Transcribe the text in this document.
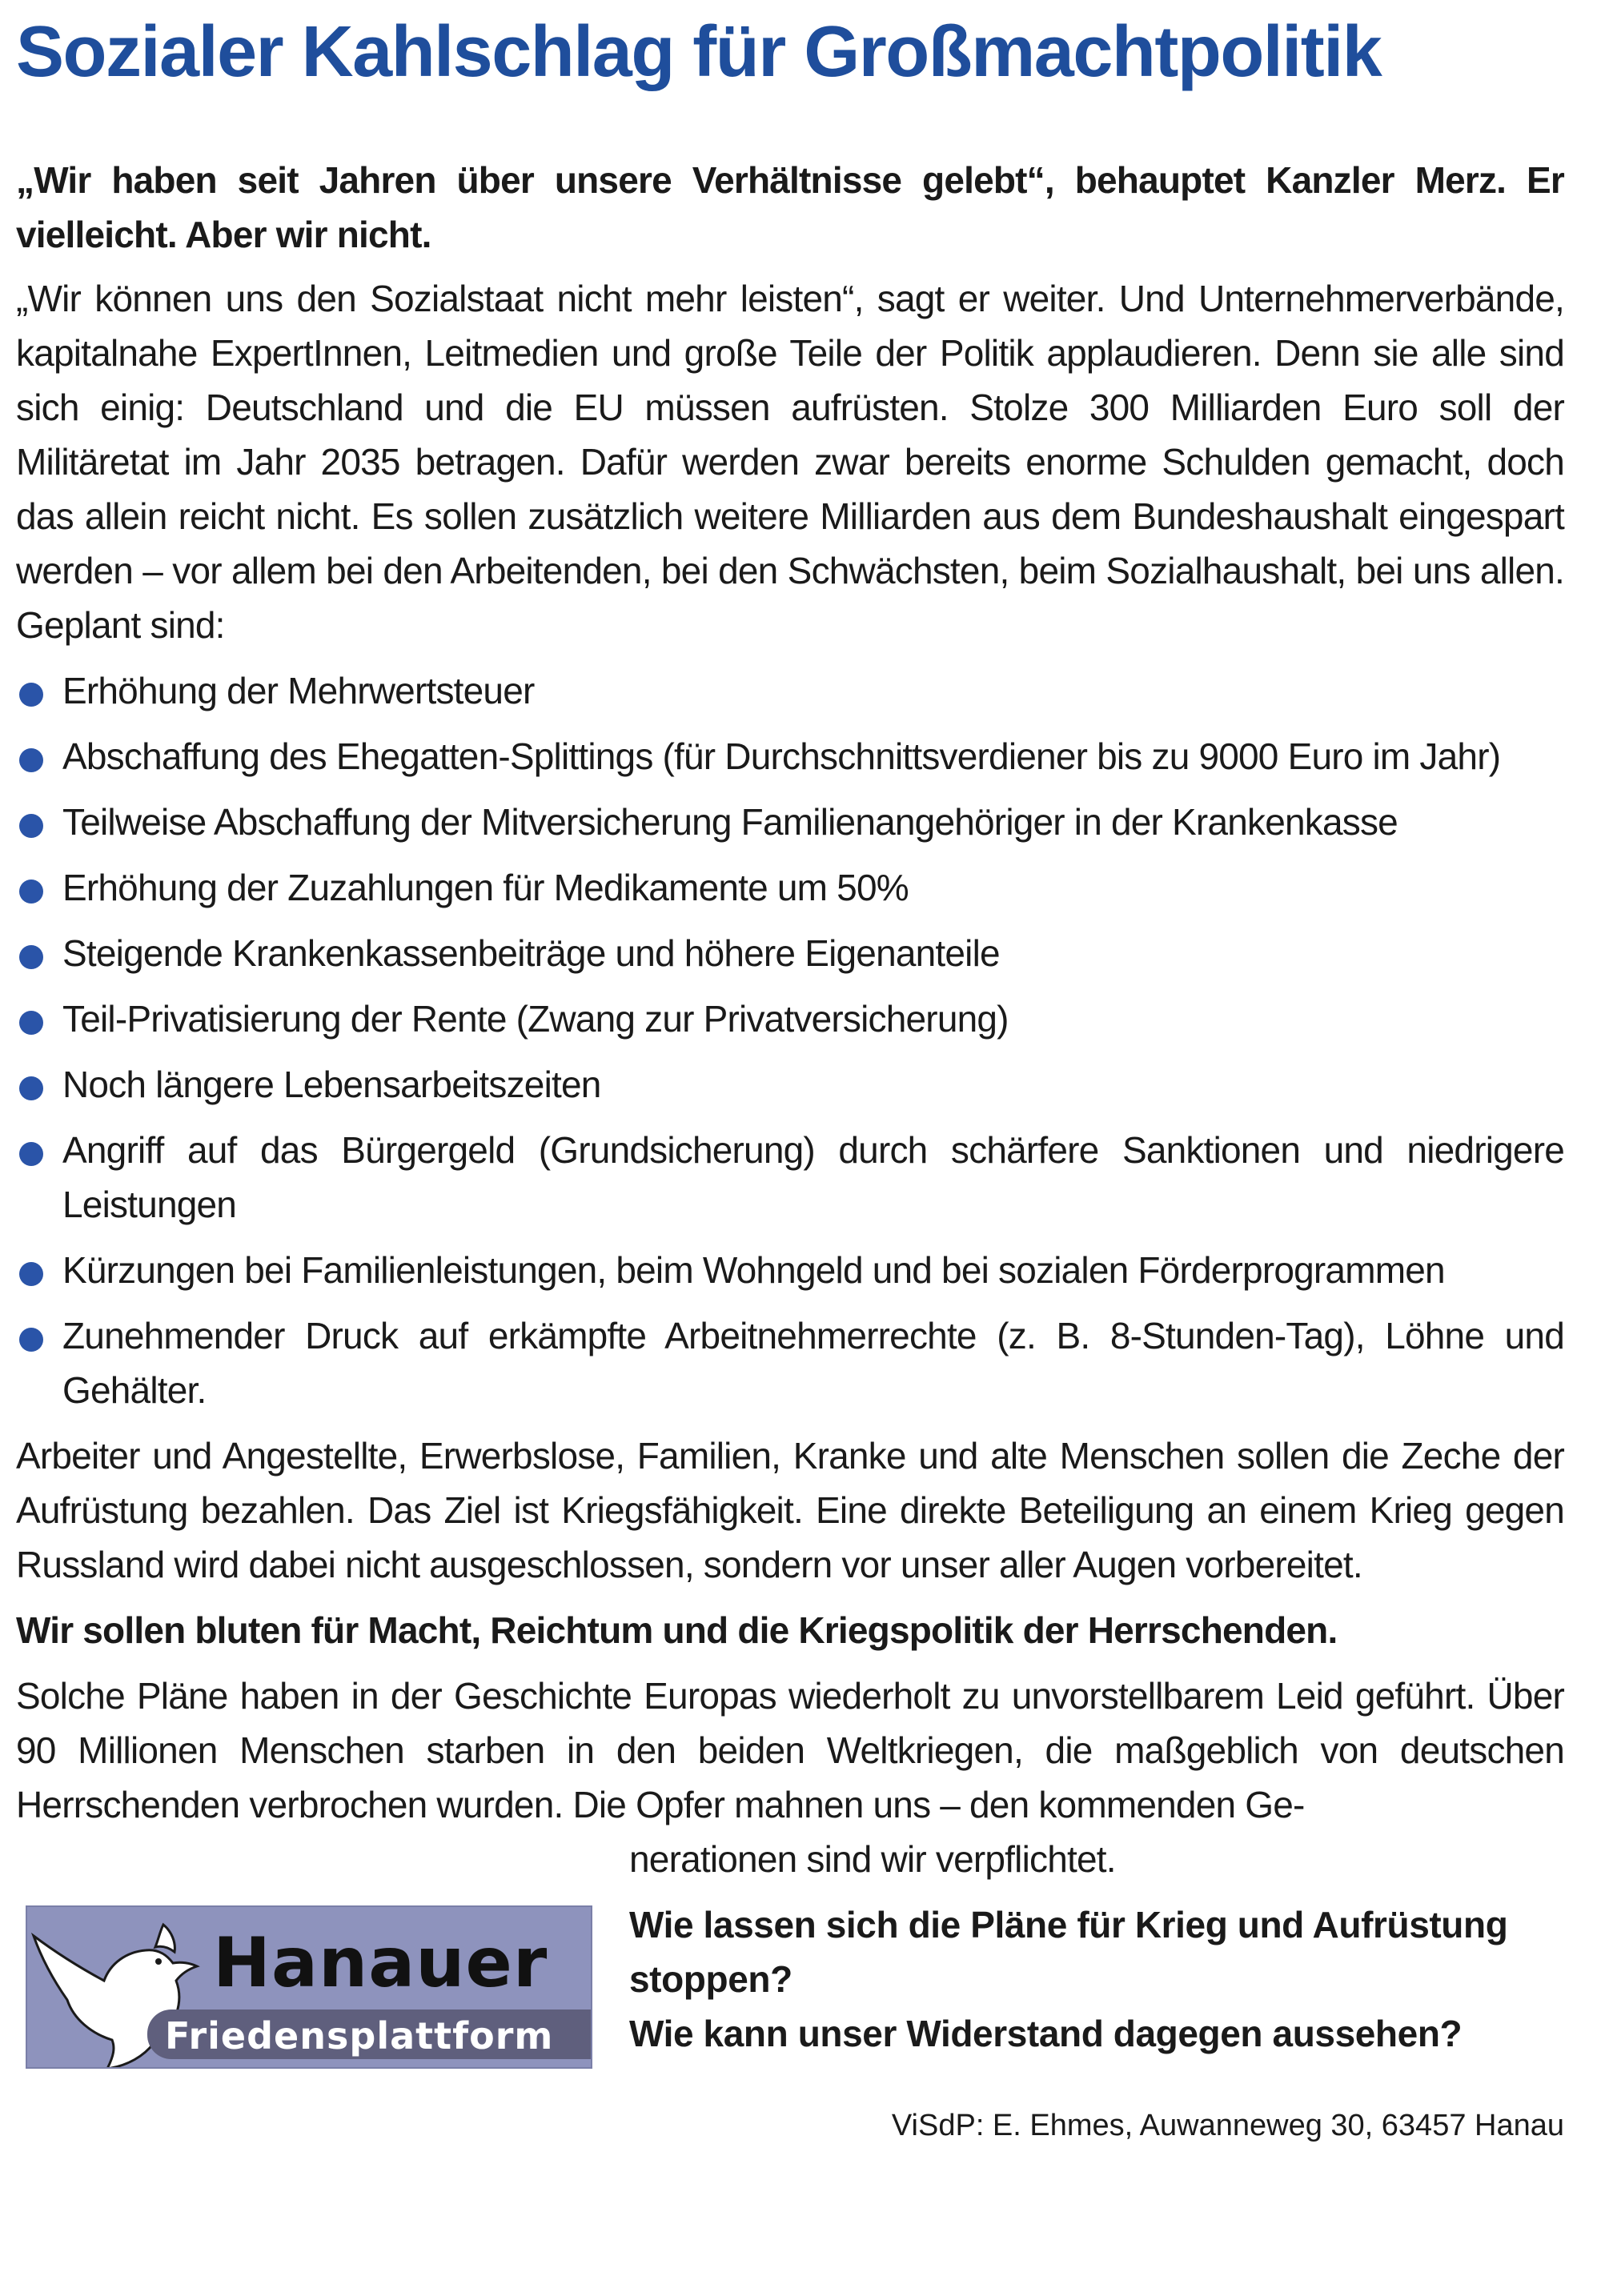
Sozialer Kahlschlag für Großmachtpolitik

„Wir haben seit Jahren über unsere Verhältnisse gelebt“, behauptet Kanzler Merz. Er vielleicht. Aber wir nicht.

„Wir können uns den Sozialstaat nicht mehr leisten“, sagt er weiter. Und Unternehmerverbände, kapitalnahe ExpertInnen, Leitmedien und große Teile der Politik applaudieren. Denn sie alle sind sich einig: Deutschland und die EU müssen aufrüsten. Stolze 300 Milliarden Euro soll der Militäretat im Jahr 2035 betragen. Dafür werden zwar bereits enorme Schulden gemacht, doch das allein reicht nicht. Es sollen zusätzlich weitere Milliarden aus dem Bundeshaushalt eingespart werden – vor allem bei den Arbeitenden, bei den Schwächsten, beim Sozialhaushalt, bei uns allen. Geplant sind:

Erhöhung der Mehrwertsteuer
Abschaffung des Ehegatten-Splittings (für Durchschnittsverdiener bis zu 9000 Euro im Jahr)
Teilweise Abschaffung der Mitversicherung Familienangehöriger in der Krankenkasse
Erhöhung der Zuzahlungen für Medikamente um 50%
Steigende Krankenkassenbeiträge und höhere Eigenanteile
Teil-Privatisierung der Rente (Zwang zur Privatversicherung)
Noch längere Lebensarbeitszeiten
Angriff auf das Bürgergeld (Grundsicherung) durch schärfere Sanktionen und niedrigere Leistungen
Kürzungen bei Familienleistungen, beim Wohngeld und bei sozialen Förderprogrammen
Zunehmender Druck auf erkämpfte Arbeitnehmerrechte (z. B. 8-Stunden-Tag), Löhne und Gehälter.

Arbeiter und Angestellte, Erwerbslose, Familien, Kranke und alte Menschen sollen die Zeche der Aufrüstung bezahlen. Das Ziel ist Kriegsfähigkeit. Eine direkte Beteiligung an einem Krieg gegen Russland wird dabei nicht ausgeschlossen, sondern vor unser aller Augen vorbereitet.

Wir sollen bluten für Macht, Reichtum und die Kriegspolitik der Herrschenden.

Solche Pläne haben in der Geschichte Europas wiederholt zu unvorstellbarem Leid geführt. Über 90 Millionen Menschen starben in den beiden Weltkriegen, die maßgeblich von deutschen Herrschenden verbrochen wurden. Die Opfer mahnen uns – den kommenden Ge-
nerationen sind wir verpflichtet.

Hanauer
Friedensplattform

Wie lassen sich die Pläne für Krieg und Aufrüstung stoppen?

Wie kann unser Widerstand dagegen aussehen?

ViSdP: E. Ehmes, Auwanneweg 30, 63457 Hanau
